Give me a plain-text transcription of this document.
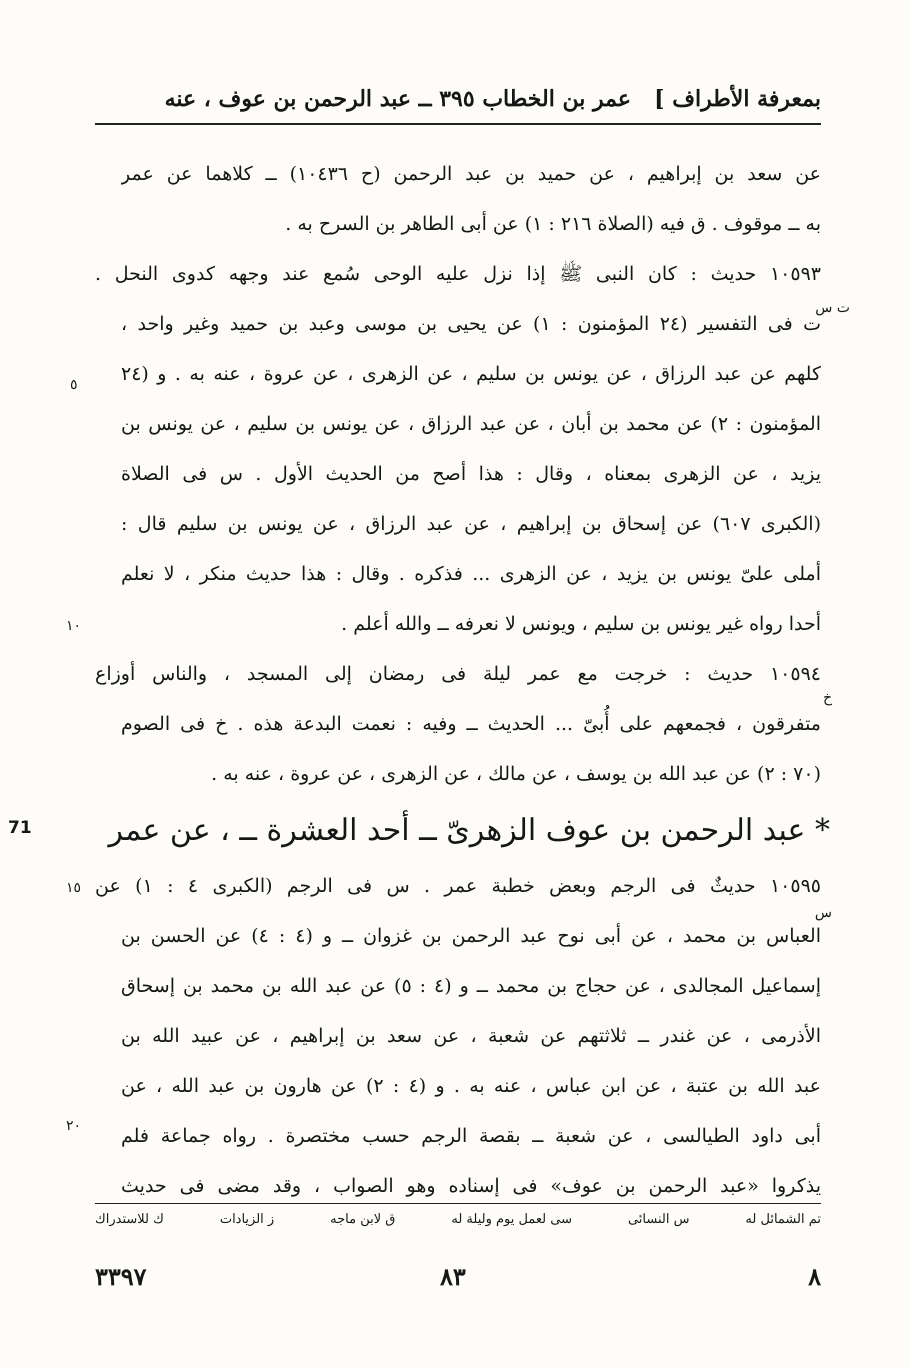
بمعرفة الأطراف ]
عمر بن الخطاب ٣٩٥ ــ عبد الرحمن بن عوف ، عنه
عن سعد بن إبراهيم ، عن حميد بن عبد الرحمن (ح ١٠٤٣٦) ــ كلاهما عن عمر
به ــ موقوف . ق فيه (الصلاة ٢١٦ : ١) عن أبى الطاهر بن السرح به .
١٠٥٩٣ حديث : كان النبى ﷺ إذا نزل عليه الوحى سُمع عند وجهه كدوى النحل .
ت فى التفسير (٢٤ المؤمنون : ١) عن يحيى بن موسى وعبد بن حميد وغير واحد ،
كلهم عن عبد الرزاق ، عن يونس بن سليم ، عن الزهرى ، عن عروة ، عنه به . و (٢٤
المؤمنون : ٢) عن محمد بن أبان ، عن عبد الرزاق ، عن يونس بن سليم ، عن يونس بن
يزيد ، عن الزهرى بمعناه ، وقال : هذا أصح من الحديث الأول . س فى الصلاة
(الكبرى ٦٠٧) عن إسحاق بن إبراهيم ، عن عبد الرزاق ، عن يونس بن سليم قال :
أملى علىّ يونس بن يزيد ، عن الزهرى ... فذكره . وقال : هذا حديث منكر ، لا نعلم
أحدا رواه غير يونس بن سليم ، ويونس لا نعرفه ــ والله أعلم .
١٠٥٩٤ حديث : خرجت مع عمر ليلة فى رمضان إلى المسجد ، والناس أوزاع
متفرقون ، فجمعهم على أُبىّ ... الحديث ــ وفيه : نعمت البدعة هذه . خ فى الصوم
(٧٠ : ٢) عن عبد الله بن يوسف ، عن مالك ، عن الزهرى ، عن عروة ، عنه به .
71	* عبد الرحمن بن عوف الزهرىّ ــ أحد العشرة ــ ، عن عمر
١٠٥٩٥ حديثٌ فى الرجم وبعض خطبة عمر . س فى الرجم (الكبرى ٤ : ١) عن
العباس بن محمد ، عن أبى نوح عبد الرحمن بن غزوان ــ و (٤ : ٤) عن الحسن بن
إسماعيل المجالدى ، عن حجاج بن محمد ــ و (٤ : ٥) عن عبد الله بن محمد بن إسحاق
الأذرمى ، عن غندر ــ ثلاثتهم عن شعبة ، عن سعد بن إبراهيم ، عن عبيد الله بن
عبد الله بن عتبة ، عن ابن عباس ، عنه به . و (٤ : ٢) عن هارون بن عبد الله ، عن
أبى داود الطيالسى ، عن شعبة ــ بقصة الرجم حسب مختصرة . رواه جماعة فلم
يذكروا «عبد الرحمن بن عوف» فى إسناده وهو الصواب ، وقد مضى فى حديث
ت س
خ
س
٥
١٠
١٥
٢٠
تم الشمائل له
س النسائى
سى لعمل يوم وليلة له
ق لابن ماجه
ز الزيادات
ك للاستدراك
٨
٨٣
٣٣٩٧
